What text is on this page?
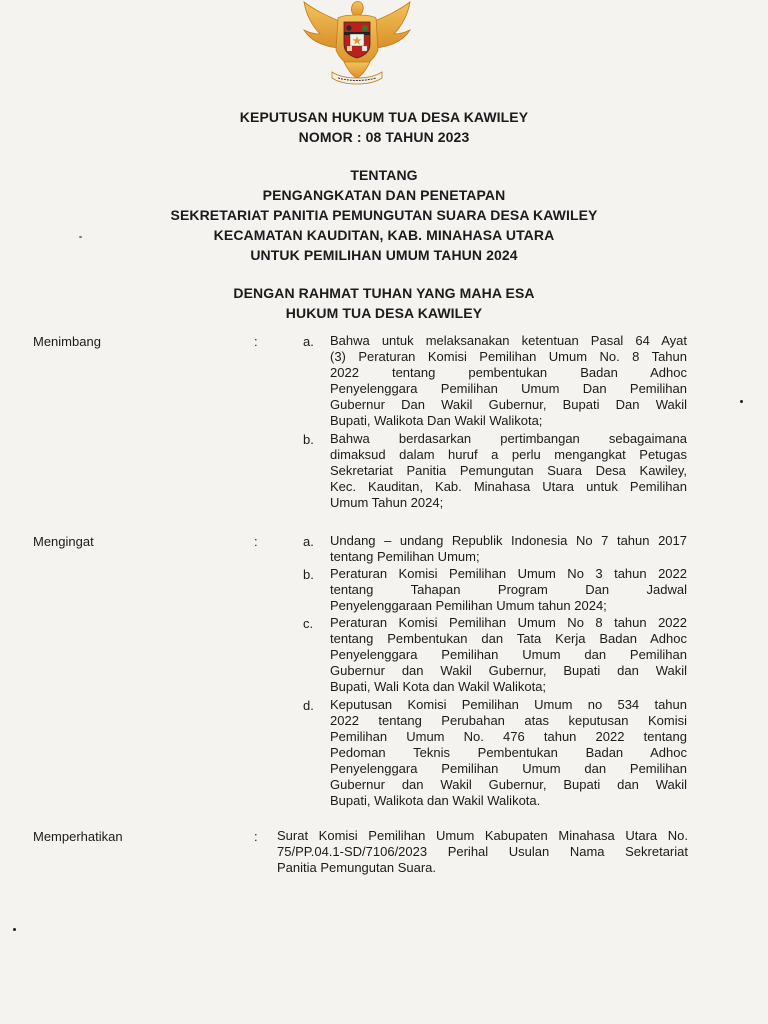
KEPUTUSAN HUKUM TUA DESA KAWILEY
NOMOR : 08 TAHUN 2023
TENTANG
PENGANGKATAN DAN PENETAPAN
SEKRETARIAT PANITIA PEMUNGUTAN SUARA DESA KAWILEY
KECAMATAN KAUDITAN, KAB. MINAHASA UTARA
UNTUK PEMILIHAN UMUM TAHUN 2024
DENGAN RAHMAT TUHAN YANG MAHA ESA
HUKUM TUA DESA KAWILEY
Menimbang	:	a. Bahwa untuk melaksanakan ketentuan Pasal 64 Ayat
(3) Peraturan Komisi Pemilihan Umum No. 8 Tahun
2022 tentang pembentukan Badan Adhoc
Penyelenggara Pemilihan Umum Dan Pemilihan
Gubernur Dan Wakil Gubernur, Bupati Dan Wakil
Bupati, Walikota Dan Wakil Walikota;
b. Bahwa berdasarkan pertimbangan sebagaimana
dimaksud dalam huruf a perlu mengangkat Petugas
Sekretariat Panitia Pemungutan Suara Desa Kawiley,
Kec. Kauditan, Kab. Minahasa Utara untuk Pemilihan
Umum Tahun 2024;
Mengingat	:	a. Undang – undang Republik Indonesia No 7 tahun 2017
tentang Pemilihan Umum;
b. Peraturan Komisi Pemilihan Umum No 3 tahun 2022
tentang Tahapan Program Dan Jadwal
Penyelenggaraan Pemilihan Umum tahun 2024;
c. Peraturan Komisi Pemilihan Umum No 8 tahun 2022
tentang Pembentukan dan Tata Kerja Badan Adhoc
Penyelenggara Pemilihan Umum dan Pemilihan
Gubernur dan Wakil Gubernur, Bupati dan Wakil
Bupati, Wali Kota dan Wakil Walikota;
d. Keputusan Komisi Pemilihan Umum no 534 tahun
2022 tentang Perubahan atas keputusan Komisi
Pemilihan Umum No. 476 tahun 2022 tentang
Pedoman Teknis Pembentukan Badan Adhoc
Penyelenggara Pemilihan Umum dan Pemilihan
Gubernur dan Wakil Gubernur, Bupati dan Wakil
Bupati, Walikota dan Wakil Walikota.
Memperhatikan	: Surat Komisi Pemilihan Umum Kabupaten Minahasa Utara No.
75/PP.04.1-SD/7106/2023 Perihal Usulan Nama Sekretariat
Panitia Pemungutan Suara.
